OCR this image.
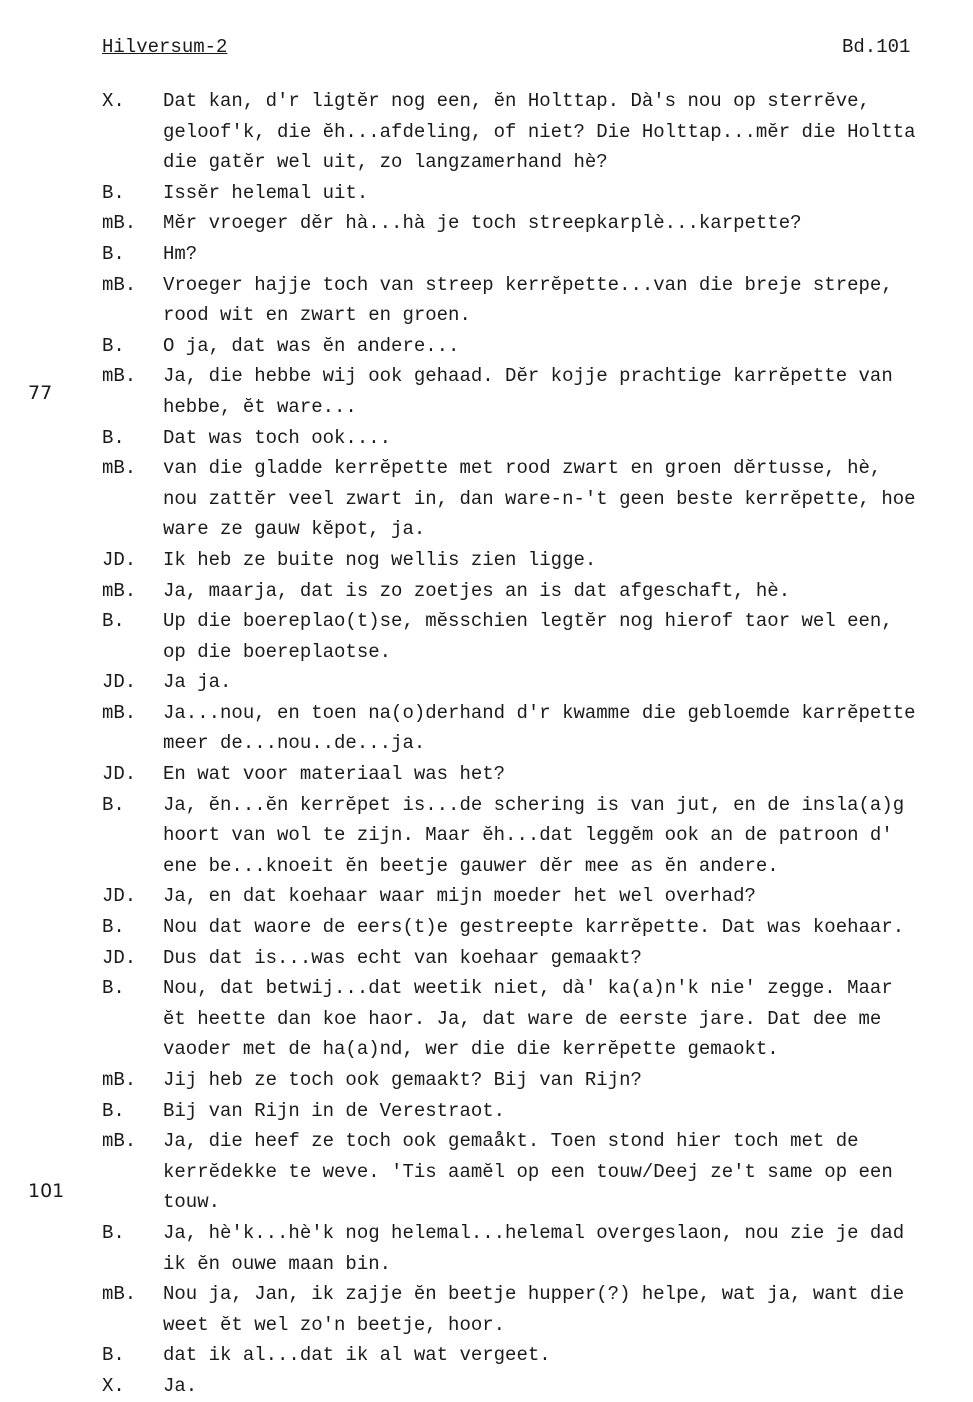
Hilversum-2	Bd.101
77
101
X. Dat kan, d'r ligtĕr nog een, ĕn Holttap. Dà's nou op sterrĕve,
geloof'k, die ĕh...afdeling, of niet? Die Holttap...mĕr die Holtta
die gatĕr wel uit, zo langzamerhand hè?
B. Issĕr helemal uit.
mB. Mĕr vroeger dĕr hà...hà je toch streepkarplè...karpette?
B. Hm?
mB. Vroeger hajje toch van streep kerrĕpette...van die breje strepe,
rood wit en zwart en groen.
B. O ja, dat was ĕn andere...
mB. Ja, die hebbe wij ook gehaad. Dĕr kojje prachtige karrĕpette van
hebbe, ĕt ware...
B. Dat was toch ook....
mB. van die gladde kerrĕpette met rood zwart en groen dĕrtusse, hè,
nou zattĕr veel zwart in, dan ware-n-'t geen beste kerrĕpette, hoe
ware ze gauw kĕpot, ja.
JD. Ik heb ze buite nog wellis zien ligge.
mB. Ja, maarja, dat is zo zoetjes an is dat afgeschaft, hè.
B. Up die boereplao(t)se, mĕsschien legtĕr nog hierof taor wel een,
op die boereplaotse.
JD. Ja ja.
mB. Ja...nou, en toen na(o)derhand d'r kwamme die gebloemde karrĕpette
meer de...nou..de...ja.
JD. En wat voor materiaal was het?
B. Ja, ĕn...ĕn kerrĕpet is...de schering is van jut, en de insla(a)g
hoort van wol te zijn. Maar ĕh...dat leggĕm ook an de patroon d'
ene be...knoeit ĕn beetje gauwer dĕr mee as ĕn andere.
JD. Ja, en dat koehaar waar mijn moeder het wel overhad?
B. Nou dat waore de eers(t)e gestreepte karrĕpette. Dat was koehaar.
JD. Dus dat is...was echt van koehaar gemaakt?
B. Nou, dat betwij...dat weetik niet, dà' ka(a)n'k nie' zegge. Maar
ĕt heette dan koe haor. Ja, dat ware de eerste jare. Dat dee me
vaoder met de ha(a)nd, wer die die kerrĕpette gemaokt.
mB. Jij heb ze toch ook gemaakt? Bij van Rijn?
B. Bij van Rijn in de Verestraot.
mB. Ja, die heef ze toch ook gemaåkt. Toen stond hier toch met de
kerrĕdekke te weve. 'Tis aamĕl op een touw/Deej ze't same op een
touw.
B. Ja, hè'k...hè'k nog helemal...helemal overgeslaon, nou zie je dad
ik ĕn ouwe maan bin.
mB. Nou ja, Jan, ik zajje ĕn beetje hupper(?) helpe, wat ja, want die
weet ĕt wel zo'n beetje, hoor.
B. dat ik al...dat ik al wat vergeet.
X. Ja.
